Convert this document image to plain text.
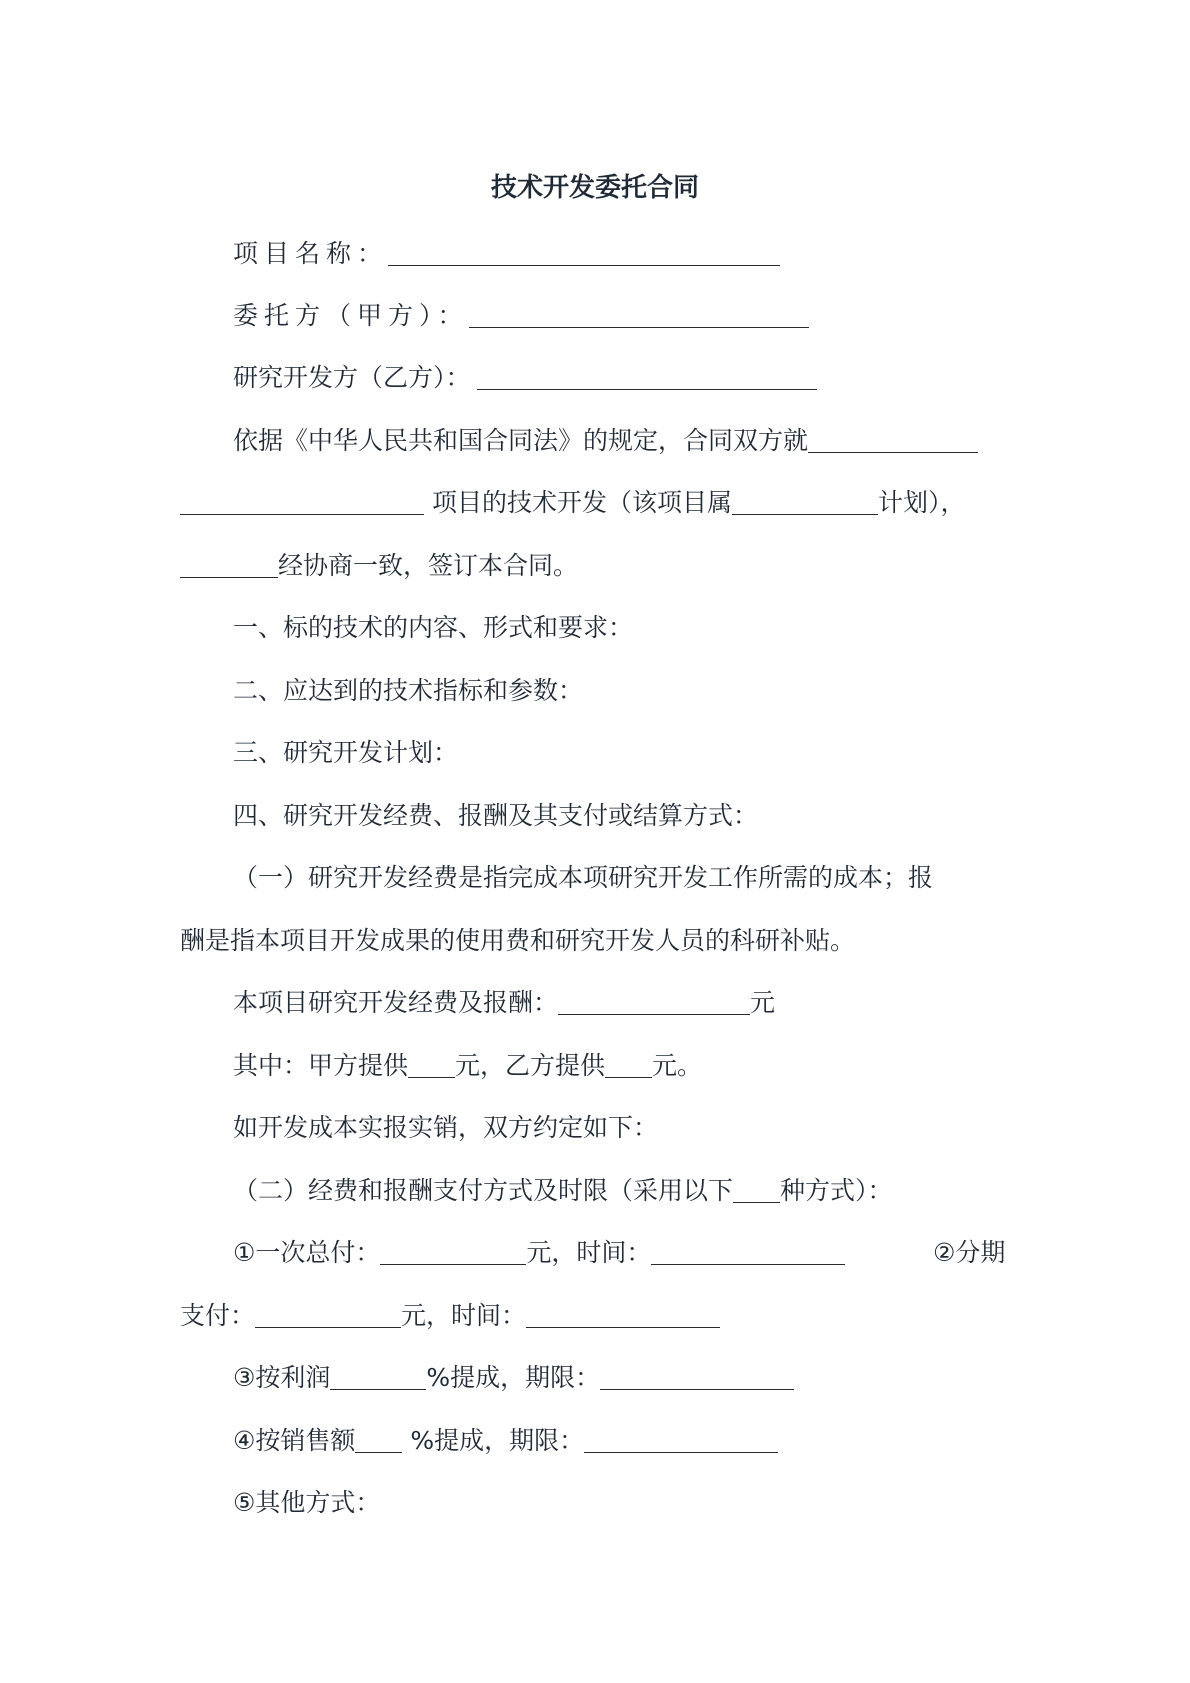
技术开发委托合同
项目名称：
委托方（甲方）：
研究开发方（乙方）：
依据《中华人民共和国合同法》的规定，合同双方就
项目的技术开发（该项目属	计划），
经协商一致，签订本合同。
一、标的技术的内容、形式和要求：
二、应达到的技术指标和参数：
三、研究开发计划：
四、研究开发经费、报酬及其支付或结算方式：
（一）研究开发经费是指完成本项研究开发工作所需的成本；报
酬是指本项目开发成果的使用费和研究开发人员的科研补贴。
本项目研究开发经费及报酬：	元
其中：甲方提供 元，乙方提供 元。
如开发成本实报实销，双方约定如下：
（二）经费和报酬支付方式及时限（采用以下 种方式）：
①一次总付：	元，时间：	②分期
支付：	元，时间：
③按利润	%提成，期限：
④按销售额 %提成，期限：
⑤其他方式：
